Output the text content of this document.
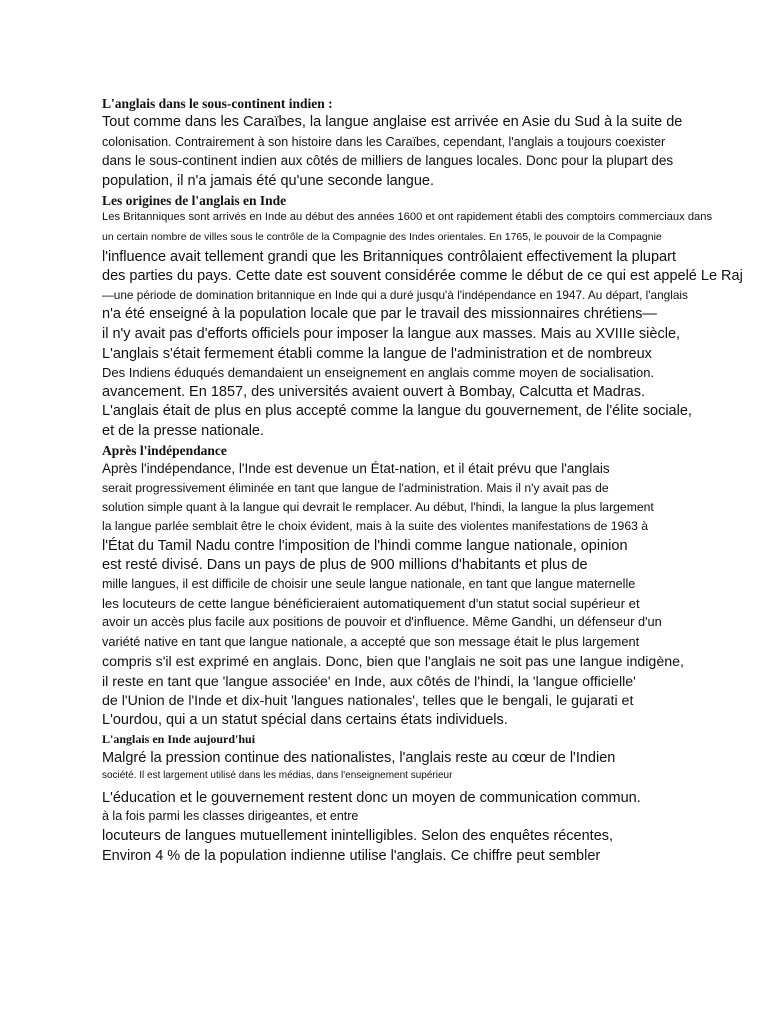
L'anglais dans le sous-continent indien :
Tout comme dans les Caraïbes, la langue anglaise est arrivée en Asie du Sud à la suite de
colonisation. Contrairement à son histoire dans les Caraïbes, cependant, l'anglais a toujours coexister
dans le sous-continent indien aux côtés de milliers de langues locales. Donc pour la plupart des
population, il n'a jamais été qu'une seconde langue.
Les origines de l'anglais en Inde
Les Britanniques sont arrivés en Inde au début des années 1600 et ont rapidement établi des comptoirs commerciaux dans
un certain nombre de villes sous le contrôle de la Compagnie des Indes orientales. En 1765, le pouvoir de la Compagnie
l'influence avait tellement grandi que les Britanniques contrôlaient effectivement la plupart
des parties du pays. Cette date est souvent considérée comme le début de ce qui est appelé Le Raj
—une période de domination britannique en Inde qui a duré jusqu'à l'indépendance en 1947. Au départ, l'anglais
n'a été enseigné à la population locale que par le travail des missionnaires chrétiens—
il n'y avait pas d'efforts officiels pour imposer la langue aux masses. Mais au XVIIIe siècle,
L'anglais s'était fermement établi comme la langue de l'administration et de nombreux
Des Indiens éduqués demandaient un enseignement en anglais comme moyen de socialisation.
avancement. En 1857, des universités avaient ouvert à Bombay, Calcutta et Madras.
L'anglais était de plus en plus accepté comme la langue du gouvernement, de l'élite sociale,
et de la presse nationale.
Après l'indépendance
Après l'indépendance, l'Inde est devenue un État-nation, et il était prévu que l'anglais
serait progressivement éliminée en tant que langue de l'administration. Mais il n'y avait pas de
solution simple quant à la langue qui devrait le remplacer. Au début, l'hindi, la langue la plus largement
la langue parlée semblait être le choix évident, mais à la suite des violentes manifestations de 1963 à
l'État du Tamil Nadu contre l'imposition de l'hindi comme langue nationale, opinion
est resté divisé. Dans un pays de plus de 900 millions d'habitants et plus de
mille langues, il est difficile de choisir une seule langue nationale, en tant que langue maternelle
les locuteurs de cette langue bénéficieraient automatiquement d'un statut social supérieur et
avoir un accès plus facile aux positions de pouvoir et d'influence. Même Gandhi, un défenseur d'un
variété native en tant que langue nationale, a accepté que son message était le plus largement
compris s'il est exprimé en anglais. Donc, bien que l'anglais ne soit pas une langue indigène,
il reste en tant que 'langue associée' en Inde, aux côtés de l'hindi, la 'langue officielle'
de l'Union de l'Inde et dix-huit 'langues nationales', telles que le bengali, le gujarati et
L'ourdou, qui a un statut spécial dans certains états individuels.
L'anglais en Inde aujourd'hui
Malgré la pression continue des nationalistes, l'anglais reste au cœur de l'Indien
société. Il est largement utilisé dans les médias, dans l'enseignement supérieur
L'éducation et le gouvernement restent donc un moyen de communication commun.
à la fois parmi les classes dirigeantes, et entre
locuteurs de langues mutuellement inintelligibles. Selon des enquêtes récentes,
Environ 4 % de la population indienne utilise l'anglais. Ce chiffre peut sembler
